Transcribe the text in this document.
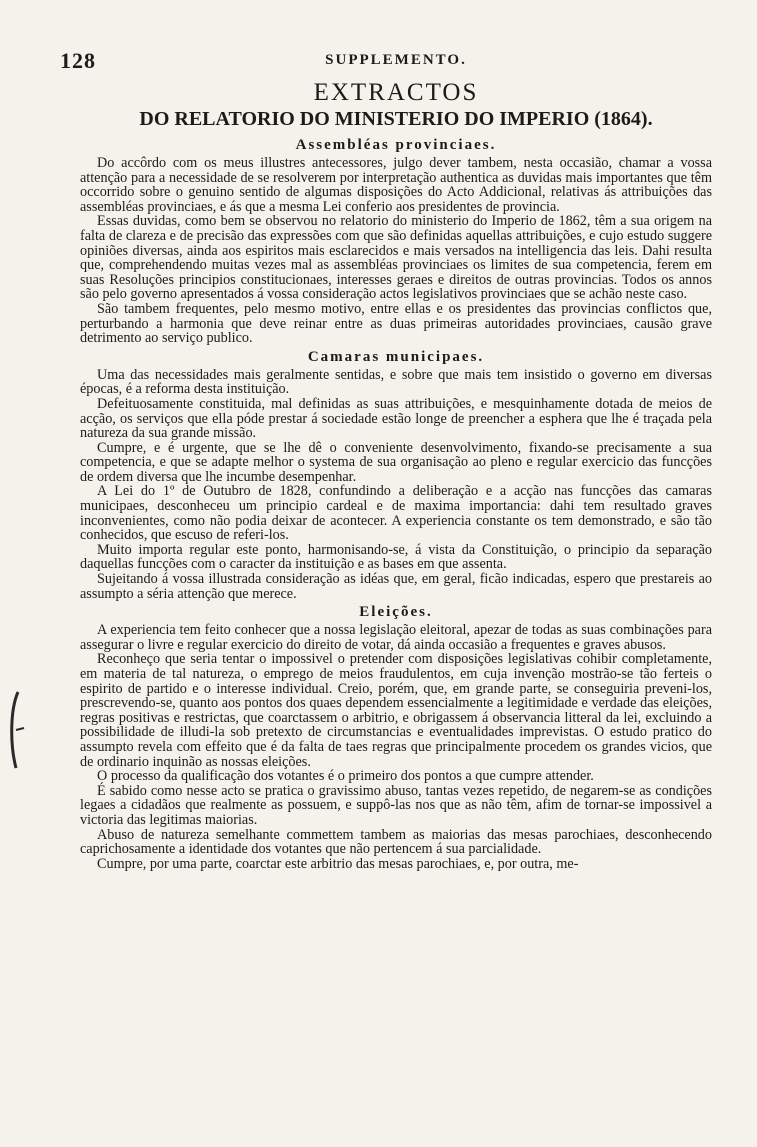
128	SUPPLEMENTO.
EXTRACTOS
DO RELATORIO DO MINISTERIO DO IMPERIO (1864).
Assembléas provinciaes.

Do accôrdo com os meus illustres antecessores, julgo dever tambem, nesta occasião, chamar a vossa attenção para a necessidade de se resolverem por interpretação authentica as duvidas mais importantes que têm occorrido sobre o genuino sentido de algumas disposições do Acto Addicional, relativas ás attribuições das assembléas provinciaes, e ás que a mesma Lei conferio aos presidentes de provincia.

Essas duvidas, como bem se observou no relatorio do ministerio do Imperio de 1862, têm a sua origem na falta de clareza e de precisão das expressões com que são definidas aquellas attribuições, e cujo estudo suggere opiniões diversas, ainda aos espiritos mais esclarecidos e mais versados na intelligencia das leis. Dahi resulta que, comprehendendo muitas vezes mal as assembléas provinciaes os limites de sua competencia, ferem em suas Resoluções principios constitucionaes, interesses geraes e direitos de outras provincias. Todos os annos são pelo governo apresentados á vossa consideração actos legislativos provinciaes que se achão neste caso.

São tambem frequentes, pelo mesmo motivo, entre ellas e os presidentes das provincias conflictos que, perturbando a harmonia que deve reinar entre as duas primeiras autoridades provinciaes, causão grave detrimento ao serviço publico.

Camaras municipaes.

Uma das necessidades mais geralmente sentidas, e sobre que mais tem insistido o governo em diversas épocas, é a reforma desta instituição.

Defeituosamente constituida, mal definidas as suas attribuições, e mesquinhamente dotada de meios de acção, os serviços que ella póde prestar á sociedade estão longe de preencher a esphera que lhe é traçada pela natureza da sua grande missão.

Cumpre, e é urgente, que se lhe dê o conveniente desenvolvimento, fixando-se precisamente a sua competencia, e que se adapte melhor o systema de sua organisação ao pleno e regular exercicio das funcções de ordem diversa que lhe incumbe desempenhar.

A Lei do 1º de Outubro de 1828, confundindo a deliberação e a acção nas funcções das camaras municipaes, desconheceu um principio cardeal e de maxima importancia: dahi tem resultado graves inconvenientes, como não podia deixar de acontecer. A experiencia constante os tem demonstrado, e são tão conhecidos, que escuso de referi-los.

Muito importa regular este ponto, harmonisando-se, á vista da Constituição, o principio da separação daquellas funcções com o caracter da instituição e as bases em que assenta.

Sujeitando á vossa illustrada consideração as idéas que, em geral, ficão indicadas, espero que prestareis ao assumpto a séria attenção que merece.

Eleições.

A experiencia tem feito conhecer que a nossa legislação eleitoral, apezar de todas as suas combinações para assegurar o livre e regular exercicio do direito de votar, dá ainda occasião a frequentes e graves abusos.

Reconheço que seria tentar o impossivel o pretender com disposições legislativas cohibir completamente, em materia de tal natureza, o emprego de meios fraudulentos, em cuja invenção mostrão-se tão ferteis o espirito de partido e o interesse individual. Creio, porém, que, em grande parte, se conseguiria preveni-los, prescrevendo-se, quanto aos pontos dos quaes dependem essencialmente a legitimidade e verdade das eleições, regras positivas e restrictas, que coarctassem o arbitrio, e obrigassem á observancia litteral da lei, excluindo a possibilidade de illudi-la sob pretexto de circumstancias e eventualidades imprevistas. O estudo pratico do assumpto revela com effeito que é da falta de taes regras que principalmente procedem os grandes vicios, que de ordinario inquinão as nossas eleições.

O processo da qualificação dos votantes é o primeiro dos pontos a que cumpre attender.

É sabido como nesse acto se pratica o gravissimo abuso, tantas vezes repetido, de negarem-se as condições legaes a cidadãos que realmente as possuem, e suppô-las nos que as não têm, afim de tornar-se impossivel a victoria das legitimas maiorias.

Abuso de natureza semelhante commettem tambem as maiorias das mesas parochiaes, desconhecendo caprichosamente a identidade dos votantes que não pertencem á sua parcialidade.

Cumpre, por uma parte, coarctar este arbitrio das mesas parochiaes, e, por outra, me-
